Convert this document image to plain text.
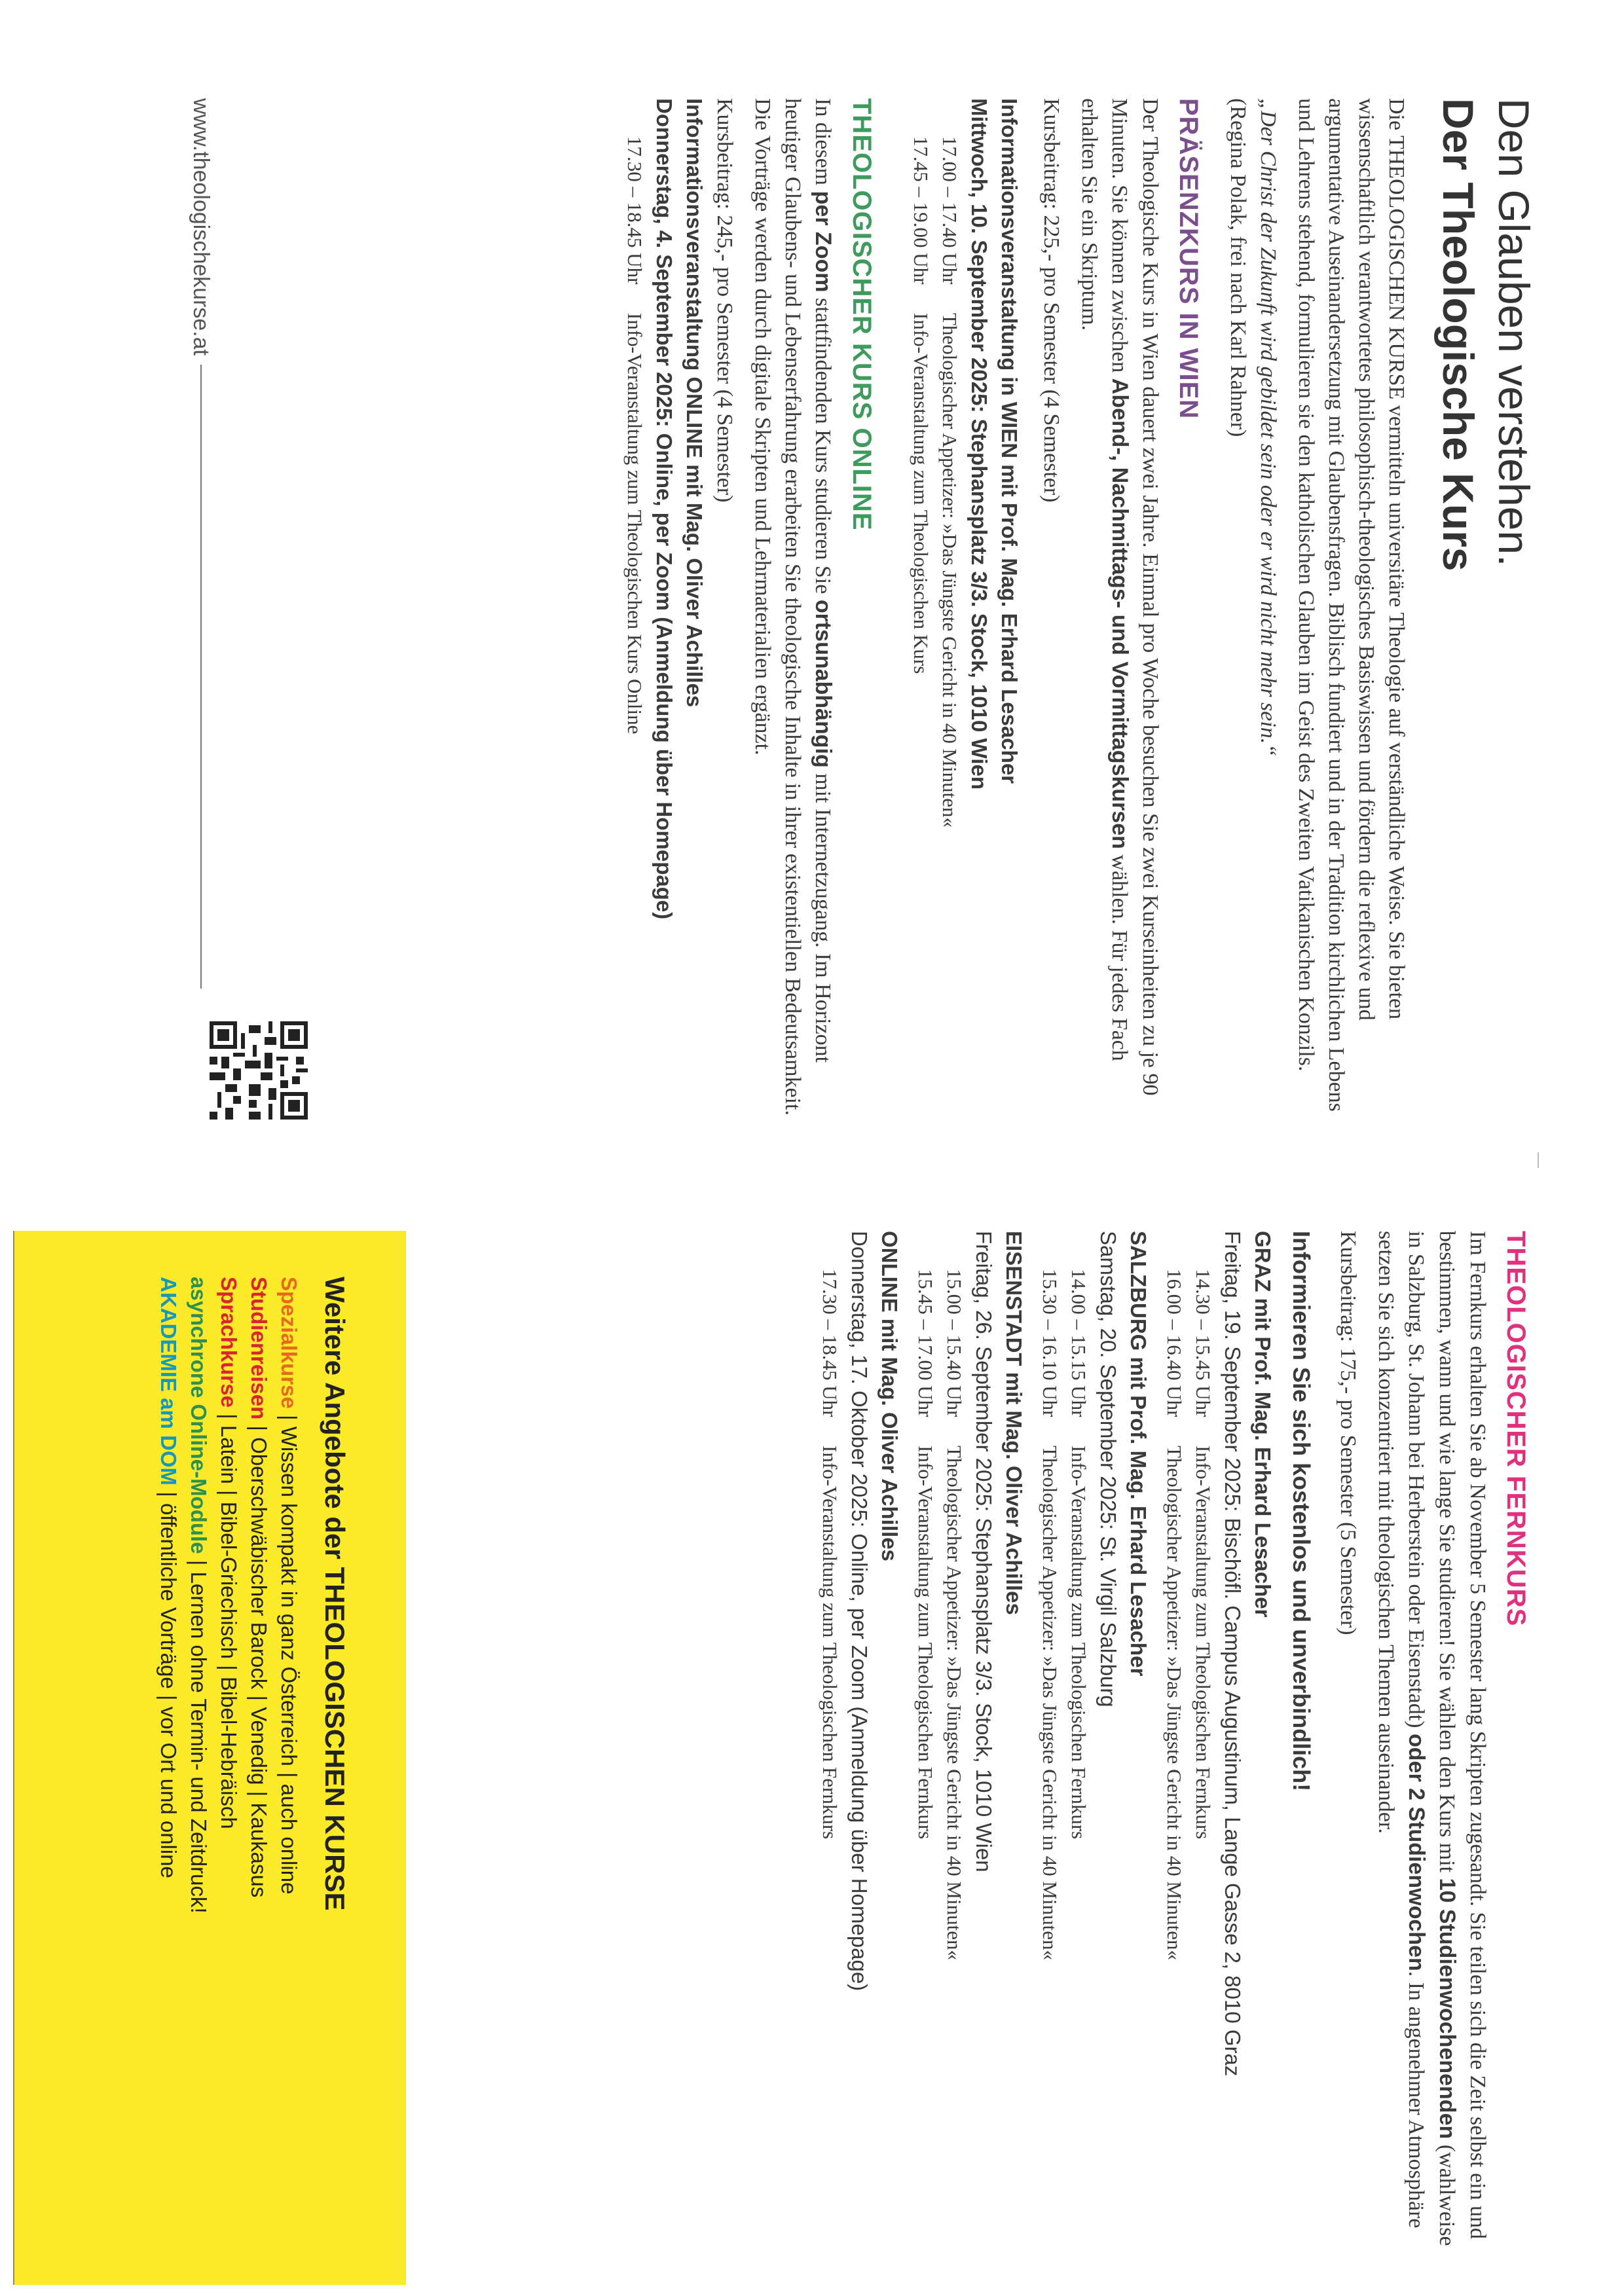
Den Glauben verstehen.
Der Theologische Kurs

Die THEOLOGISCHEN KURSE vermitteln universitäre Theologie auf verständliche Weise. Sie bieten wissenschaftlich verantwortetes philosophisch-theologisches Basiswissen und fördern die reflexive und argumentative Auseinandersetzung mit Glaubensfragen. Biblisch fundiert und in der Tradition kirchlichen Lebens und Lehrens stehend, formulieren sie den katholischen Glauben im Geist des Zweiten Vatikanischen Konzils.

„Der Christ der Zukunft wird gebildet sein oder er wird nicht mehr sein.“

(Regina Polak, frei nach Karl Rahner)

PRÄSENZKURS IN WIEN

Der Theologische Kurs in Wien dauert zwei Jahre. Einmal pro Woche besuchen Sie zwei Kurseinheiten zu je 90 Minuten. Sie können zwischen Abend-, Nachmittags- und Vormittagskursen wählen. Für jedes Fach erhalten Sie ein Skriptum.

Kursbeitrag: 225,- pro Semester (4 Semester)

Informationsveranstaltung in WIEN mit Prof. Mag. Erhard Lesacher

Mittwoch, 10. September 2025: Stephansplatz 3/3. Stock, 1010 Wien

17.00 – 17.40 Uhr
Theologischer Appetizer: »Das Jüngste Gericht in 40 Minuten«
17.45 – 19.00 Uhr
Info-Veranstaltung zum Theologischen Kurs
THEOLOGISCHER KURS ONLINE

In diesem per Zoom stattfindenden Kurs studieren Sie ortsunabhängig mit Internetzugang. Im Horizont heutiger Glaubens- und Lebenserfahrung erarbeiten Sie theologische Inhalte in ihrer existentiellen Bedeutsamkeit. Die Vorträge werden durch digitale Skripten und Lehrmaterialien ergänzt.

Kursbeitrag: 245,- pro Semester (4 Semester)

Informationsveranstaltung ONLINE mit Mag. Oliver Achilles

Donnerstag, 4. September 2025: Online, per Zoom (Anmeldung über Homepage)

17.30 – 18.45 Uhr
Info-Veranstaltung zum Theologischen Kurs Online
www.theologischekurse.at
THEOLOGISCHER FERNKURS

Im Fernkurs erhalten Sie ab November 5 Semester lang Skripten zugesandt. Sie teilen sich die Zeit selbst ein und bestimmen, wann und wie lange Sie studieren! Sie wählen den Kurs mit 10 Studienwochenenden (wahlweise in Salzburg, St. Johann bei Herberstein oder Eisenstadt) oder 2 Studienwochen. In angenehmer Atmosphäre setzen Sie sich konzentriert mit theologischen Themen auseinander.

Kursbeitrag: 175,- pro Semester (5 Semester)

Informieren Sie sich kostenlos und unverbindlich!

GRAZ mit Prof. Mag. Erhard Lesacher

Freitag, 19. September 2025: Bischöfl. Campus Augustinum, Lange Gasse 2, 8010 Graz

14.30 – 15.45 Uhr
Info-Veranstaltung zum Theologischen Fernkurs
16.00 – 16.40 Uhr
Theologischer Appetizer: »Das Jüngste Gericht in 40 Minuten«

SALZBURG mit Prof. Mag. Erhard Lesacher

Samstag, 20. September 2025: St. Virgil Salzburg

14.00 – 15.15 Uhr
Info-Veranstaltung zum Theologischen Fernkurs
15.30 – 16.10 Uhr
Theologischer Appetizer: »Das Jüngste Gericht in 40 Minuten«

EISENSTADT mit Mag. Oliver Achilles

Freitag, 26. September 2025: Stephansplatz 3/3. Stock, 1010 Wien

15.00 – 15.40 Uhr
Theologischer Appetizer: »Das Jüngste Gericht in 40 Minuten«
15.45 – 17.00 Uhr
Info-Veranstaltung zum Theologischen Fernkurs

ONLINE mit Mag. Oliver Achilles

Donnerstag, 17. Oktober 2025: Online, per Zoom (Anmeldung über Homepage)

17.30 – 18.45 Uhr
Info-Veranstaltung zum Theologischen Fernkurs
Weitere Angebote der THEOLOGISCHEN KURSE

Spezialkurse | Wissen kompakt in ganz Österreich | auch online

Studienreisen | Oberschwäbischer Barock | Venedig | Kaukasus

Sprachkurse | Latein | Bibel-Griechisch | Bibel-Hebräisch

asynchrone Online-Module | Lernen ohne Termin- und Zeitdruck!

AKADEMIE am DOM | öffentliche Vorträge | vor Ort und online
